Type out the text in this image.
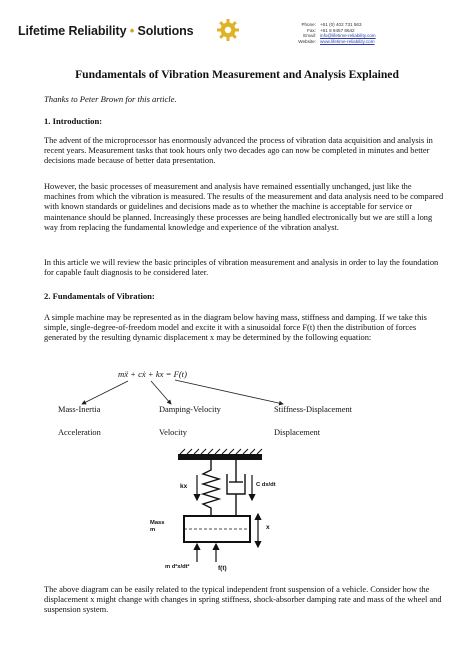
Lifetime Reliability • Solutions	Phone: +61 (0) 402 731 563
Fax: +61 8 9457 8642
Email: info@lifetime-reliability.com
Website: www.lifetime-reliability.com
Fundamentals of Vibration Measurement and Analysis Explained
Thanks to Peter Brown for this article.
1. Introduction:

The advent of the microprocessor has enormously advanced the process of vibration data acquisition and analysis in recent years. Measurement tasks that took hours only two decades ago can now be completed in minutes and better decisions made because of better data presentation.

However, the basic processes of measurement and analysis have remained essentially unchanged, just like the machines from which the vibration is measured. The results of the measurement and data analysis need to be compared with known standards or guidelines and decisions made as to whether the machine is acceptable for service or maintenance should be planned. Increasingly these processes are being handled electronically but we are still a long way from replacing the fundamental knowledge and experience of the vibration analyst.

In this article we will review the basic principles of vibration measurement and analysis in order to lay the foundation for capable fault diagnosis to be considered later.

2. Fundamentals of Vibration:

A simple machine may be represented as in the diagram below having mass, stiffness and damping. If we take this simple, single-degree-of-freedom model and excite it with a sinusoidal force F(t) then the distribution of forces generated by the resulting dynamic displacement x may be determined by the following equation:

mẍ + cẋ + kx = F(t)
Mass-Inertia	Damping-Velocity	Stiffness-Displacement
Acceleration	Velocity	Displacement
kx	C dx/dt
Mass
m	x
m d²x/dt²	f(t)

The above diagram can be easily related to the typical independent front suspension of a vehicle. Consider how the displacement x might change with changes in spring stiffness, shock-absorber damping rate and mass of the wheel and suspension system.
